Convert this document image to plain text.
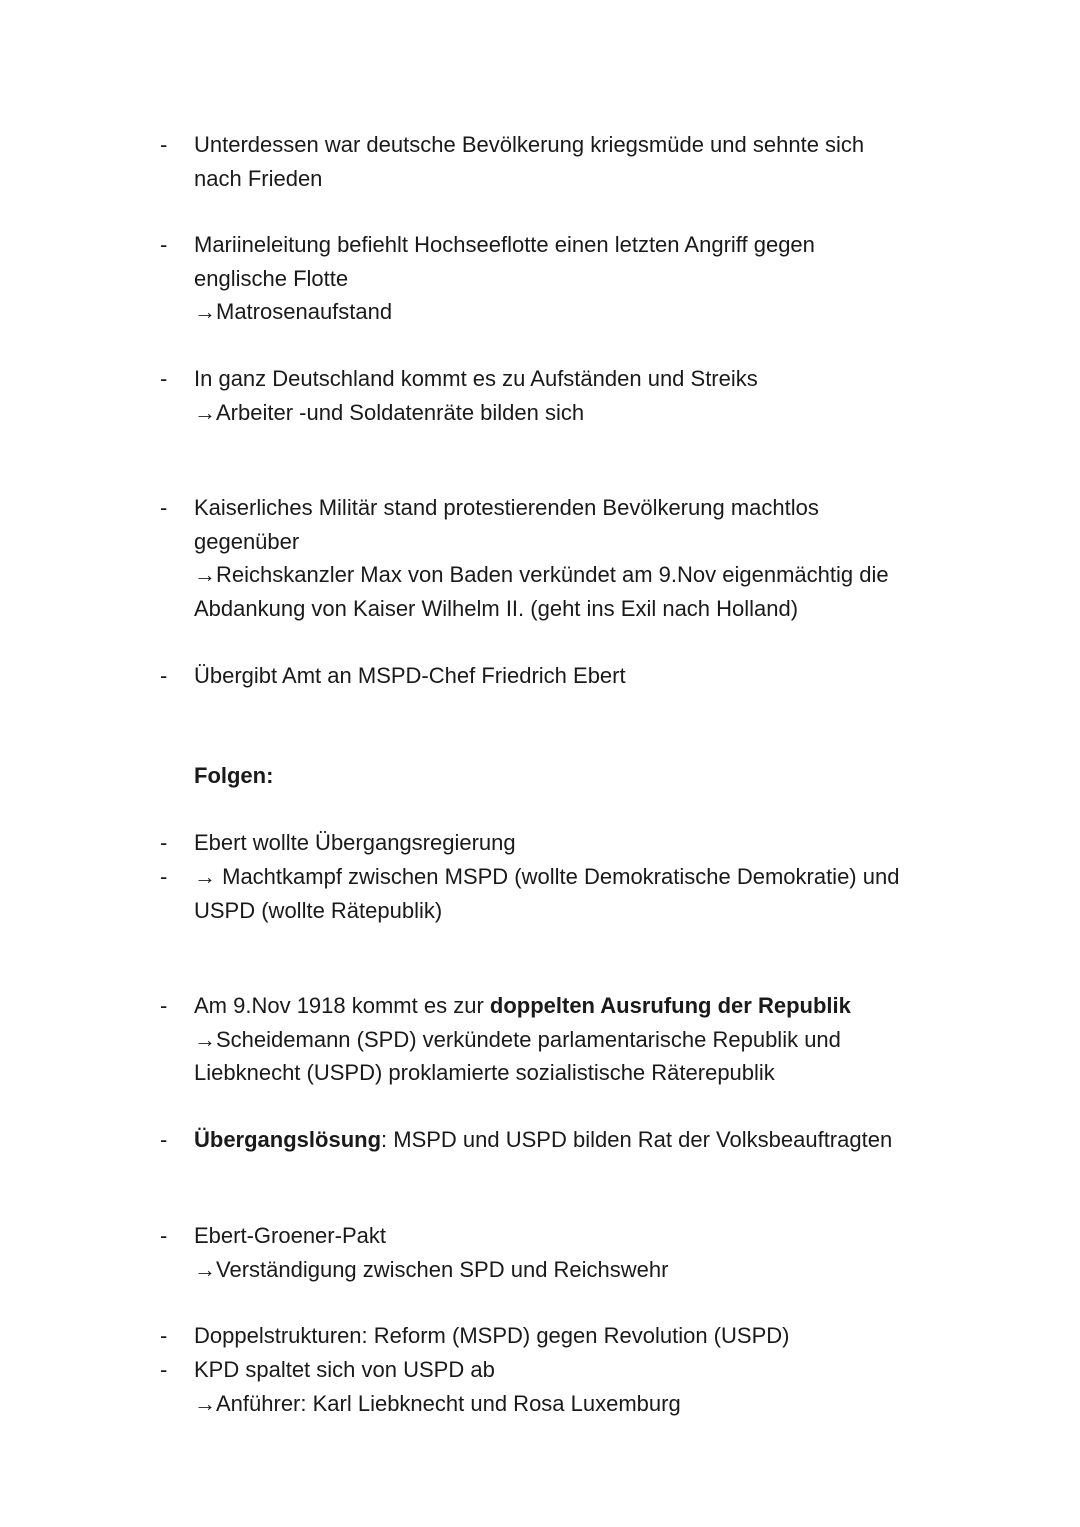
- Unterdessen war deutsche Bevölkerung kriegsmüde und sehnte sich
nach Frieden
- Mariineleitung befiehlt Hochseeflotte einen letzten Angriff gegen
englische Flotte
→Matrosenaufstand
- In ganz Deutschland kommt es zu Aufständen und Streiks
→Arbeiter -und Soldatenräte bilden sich
- Kaiserliches Militär stand protestierenden Bevölkerung machtlos
gegenüber
→Reichskanzler Max von Baden verkündet am 9.Nov eigenmächtig die
Abdankung von Kaiser Wilhelm II. (geht ins Exil nach Holland)
- Übergibt Amt an MSPD-Chef Friedrich Ebert
Folgen:
- Ebert wollte Übergangsregierung
- → Machtkampf zwischen MSPD (wollte Demokratische Demokratie) und
USPD (wollte Rätepublik)
- Am 9.Nov 1918 kommt es zur doppelten Ausrufung der Republik
→Scheidemann (SPD) verkündete parlamentarische Republik und
Liebknecht (USPD) proklamierte sozialistische Räterepublik
- Übergangslösung: MSPD und USPD bilden Rat der Volksbeauftragten
- Ebert-Groener-Pakt
→Verständigung zwischen SPD und Reichswehr
- Doppelstrukturen: Reform (MSPD) gegen Revolution (USPD)
- KPD spaltet sich von USPD ab
→Anführer: Karl Liebknecht und Rosa Luxemburg
